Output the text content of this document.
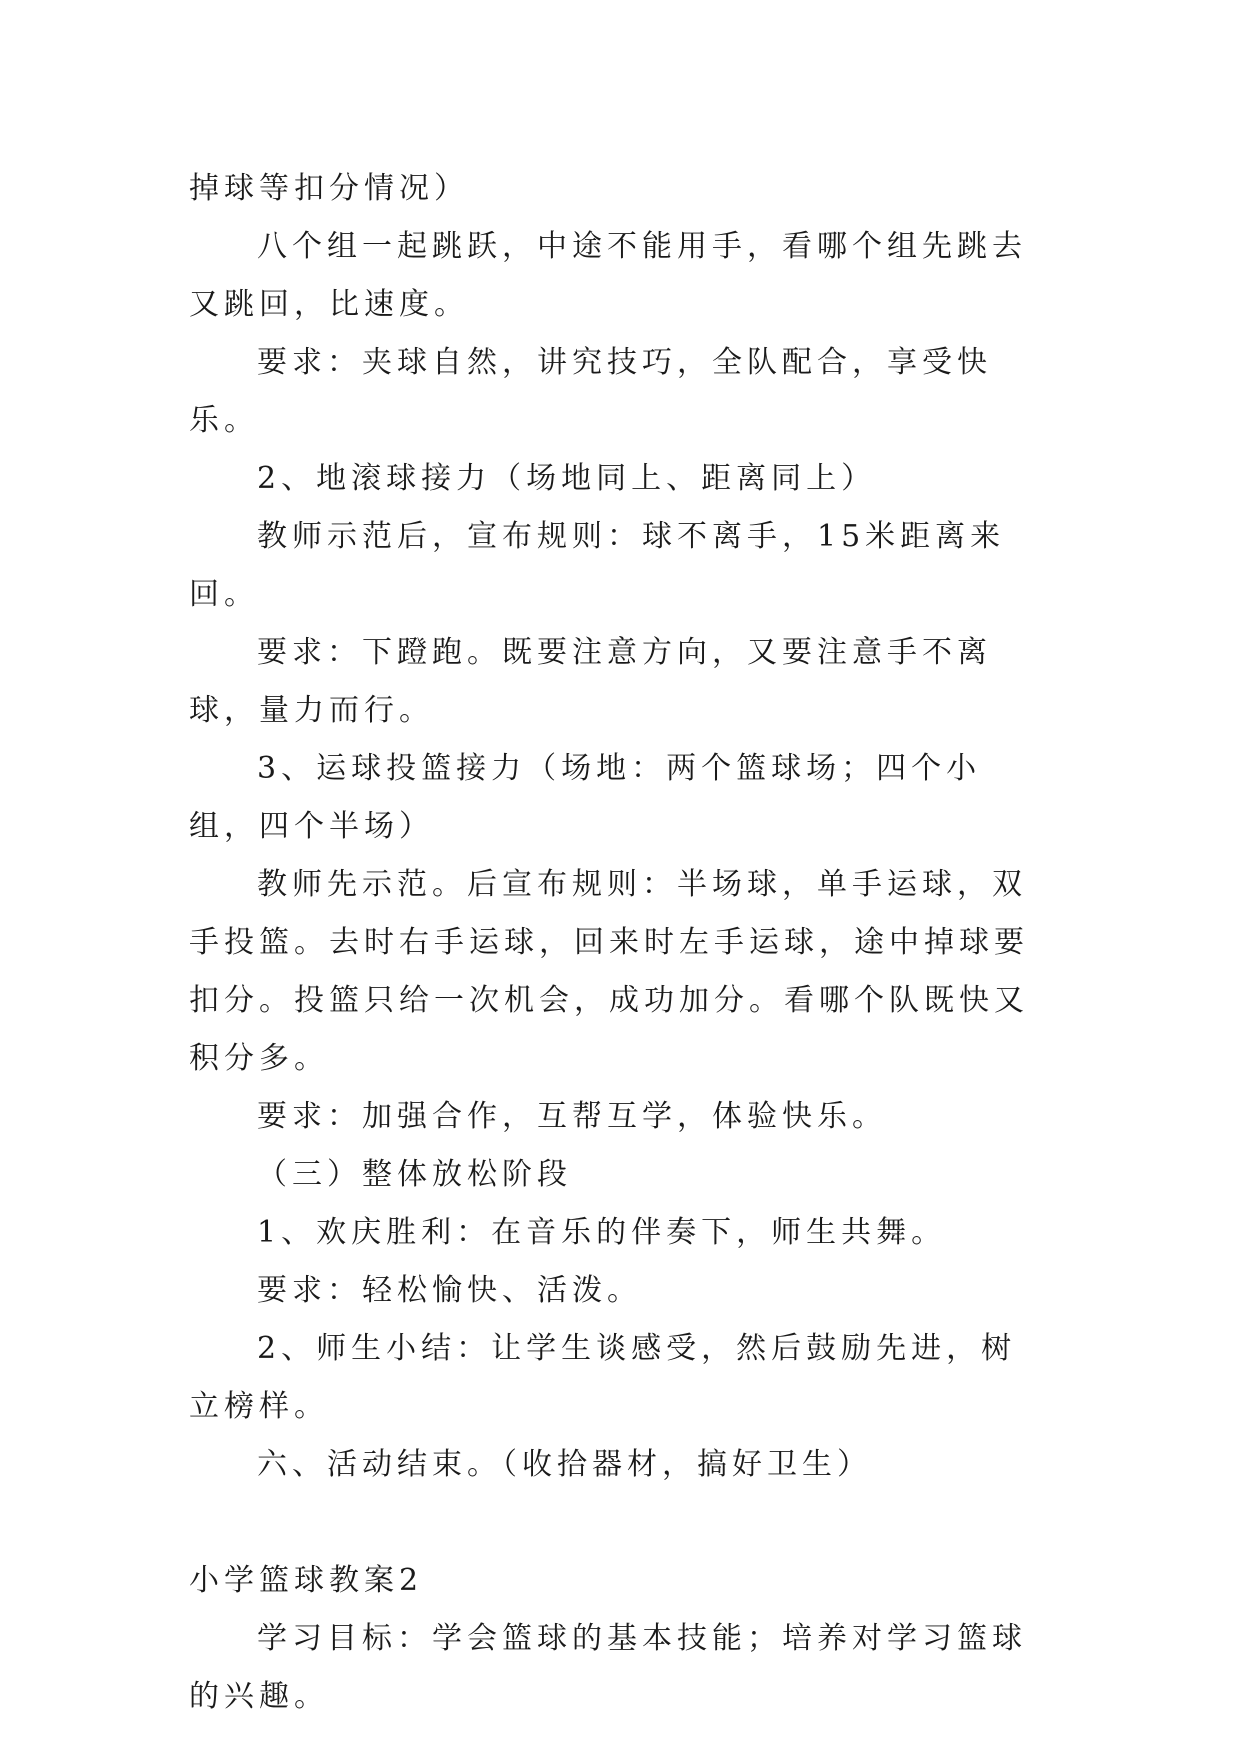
掉球等扣分情况）

八个组一起跳跃，中途不能用手，看哪个组先跳去又跳回，比速度。

要求：夹球自然，讲究技巧，全队配合，享受快乐。

2、地滚球接力（场地同上、距离同上）

教师示范后，宣布规则：球不离手，15米距离来回。

要求：下蹬跑。既要注意方向，又要注意手不离球，量力而行。

3、运球投篮接力（场地：两个篮球场；四个小组，四个半场）

教师先示范。后宣布规则：半场球，单手运球，双手投篮。去时右手运球，回来时左手运球，途中掉球要扣分。投篮只给一次机会，成功加分。看哪个队既快又积分多。

要求：加强合作，互帮互学，体验快乐。

（三）整体放松阶段

1、欢庆胜利：在音乐的伴奏下，师生共舞。

要求：轻松愉快、活泼。

2、师生小结：让学生谈感受，然后鼓励先进，树立榜样。

六、活动结束。（收拾器材，搞好卫生）

小学篮球教案2

学习目标：学会篮球的基本技能；培养对学习篮球的兴趣。
